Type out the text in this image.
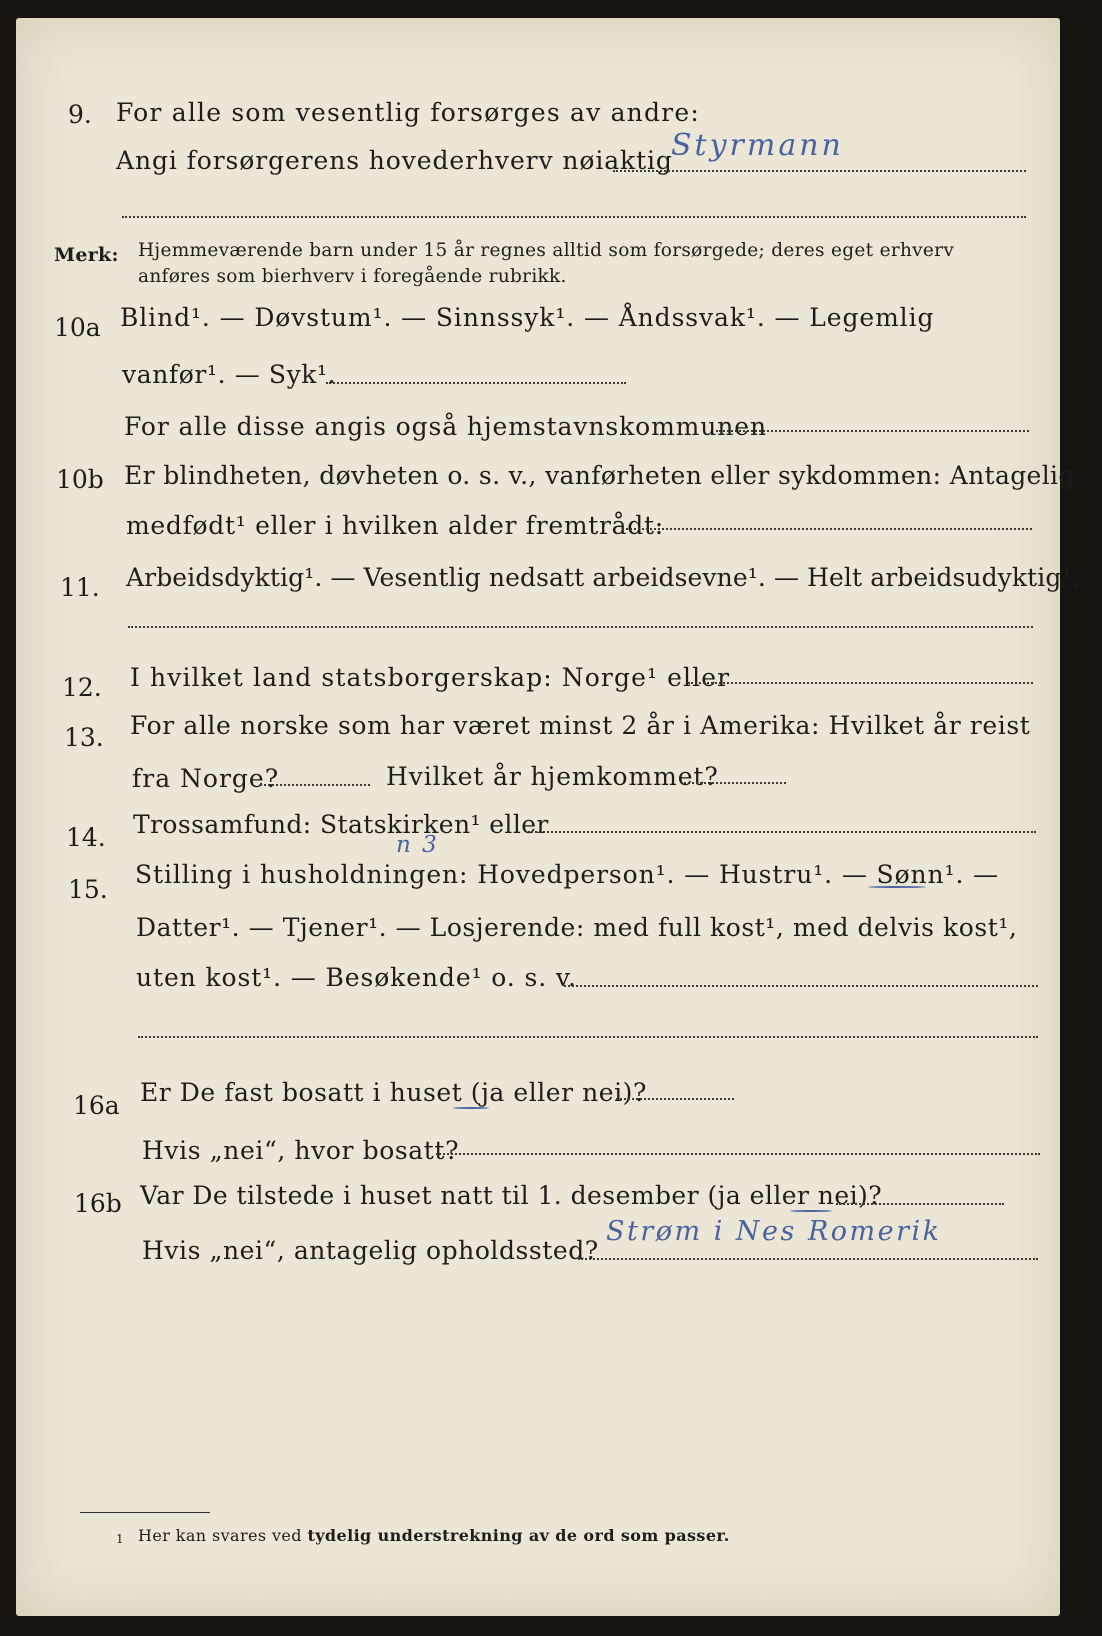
9. For alle som vesentlig forsørges av andre:
Angi forsørgerens hovederhverv nøiaktig
Styrmann
Merk: Hjemmeværende barn under 15 år regnes alltid som forsørgede; deres eget erhverv
anføres som bierhverv i foregående rubrikk.
10a Blind¹. — Døvstum¹. — Sinnssyk¹. — Åndssvak¹. — Legemlig
vanfør¹. — Syk¹.
For alle disse angis også hjemstavnskommunen
10b Er blindheten, døvheten o. s. v., vanførheten eller sykdommen: Antagelig
medfødt¹ eller i hvilken alder fremtrådt:
11. Arbeidsdyktig¹. — Vesentlig nedsatt arbeidsevne¹. — Helt arbeidsudyktig¹.
12. I hvilket land statsborgerskap: Norge¹ eller
13. For alle norske som har været minst 2 år i Amerika: Hvilket år reist
fra Norge?	Hvilket år hjemkommet?
14. Trossamfund: Statskirken¹ eller
n 3
15.
Stilling i husholdningen: Hovedperson¹. — Hustru¹. — Sønn¹. —
Datter¹. — Tjener¹. — Losjerende: med full kost¹, med delvis kost¹,
uten kost¹. — Besøkende¹ o. s. v.
16a Er De fast bosatt i huset (ja eller nei)?
Hvis „nei“, hvor bosatt?
16b Var De tilstede i huset natt til 1. desember (ja eller nei)?
Hvis „nei“, antagelig opholdssted?
Strøm i Nes Romerik
1 Her kan svares ved tydelig understrekning av de ord som passer.
